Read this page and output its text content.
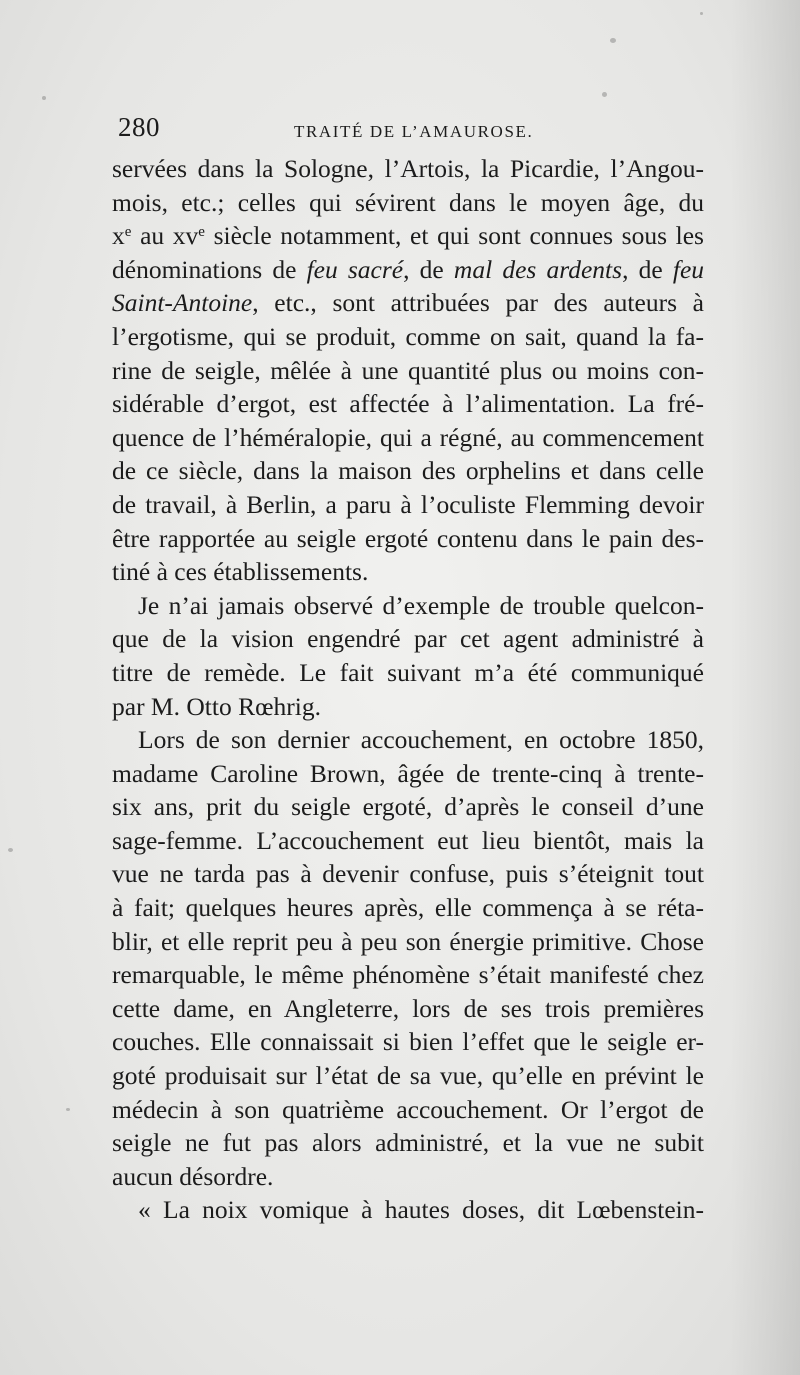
280	TRAITÉ DE L’AMAUROSE.
servées dans la Sologne, l’Artois, la Picardie, l’Angou-
mois, etc.; celles qui sévirent dans le moyen âge, du
$x^e$ au $xv^e$ siècle notamment, et qui sont connues sous les
dénominations de feu sacré, de mal des ardents, de feu
Saint-Antoine, etc., sont attribuées par des auteurs à
l’ergotisme, qui se produit, comme on sait, quand la fa-
rine de seigle, mêlée à une quantité plus ou moins con-
sidérable d’ergot, est affectée à l’alimentation. La fré-
quence de l’héméralopie, qui a régné, au commencement
de ce siècle, dans la maison des orphelins et dans celle
de travail, à Berlin, a paru à l’oculiste Flemming devoir
être rapportée au seigle ergoté contenu dans le pain des-
tiné à ces établissements.
Je n’ai jamais observé d’exemple de trouble quelcon-
que de la vision engendré par cet agent administré à
titre de remède. Le fait suivant m’a été communiqué
par M. Otto Rœhrig.
Lors de son dernier accouchement, en octobre 1850,
madame Caroline Brown, âgée de trente-cinq à trente-
six ans, prit du seigle ergoté, d’après le conseil d’une
sage-femme. L’accouchement eut lieu bientôt, mais la
vue ne tarda pas à devenir confuse, puis s’éteignit tout
à fait; quelques heures après, elle commença à se réta-
blir, et elle reprit peu à peu son énergie primitive. Chose
remarquable, le même phénomène s’était manifesté chez
cette dame, en Angleterre, lors de ses trois premières
couches. Elle connaissait si bien l’effet que le seigle er-
goté produisait sur l’état de sa vue, qu’elle en prévint le
médecin à son quatrième accouchement. Or l’ergot de
seigle ne fut pas alors administré, et la vue ne subit
aucun désordre.
« La noix vomique à hautes doses, dit Lœbenstein-
